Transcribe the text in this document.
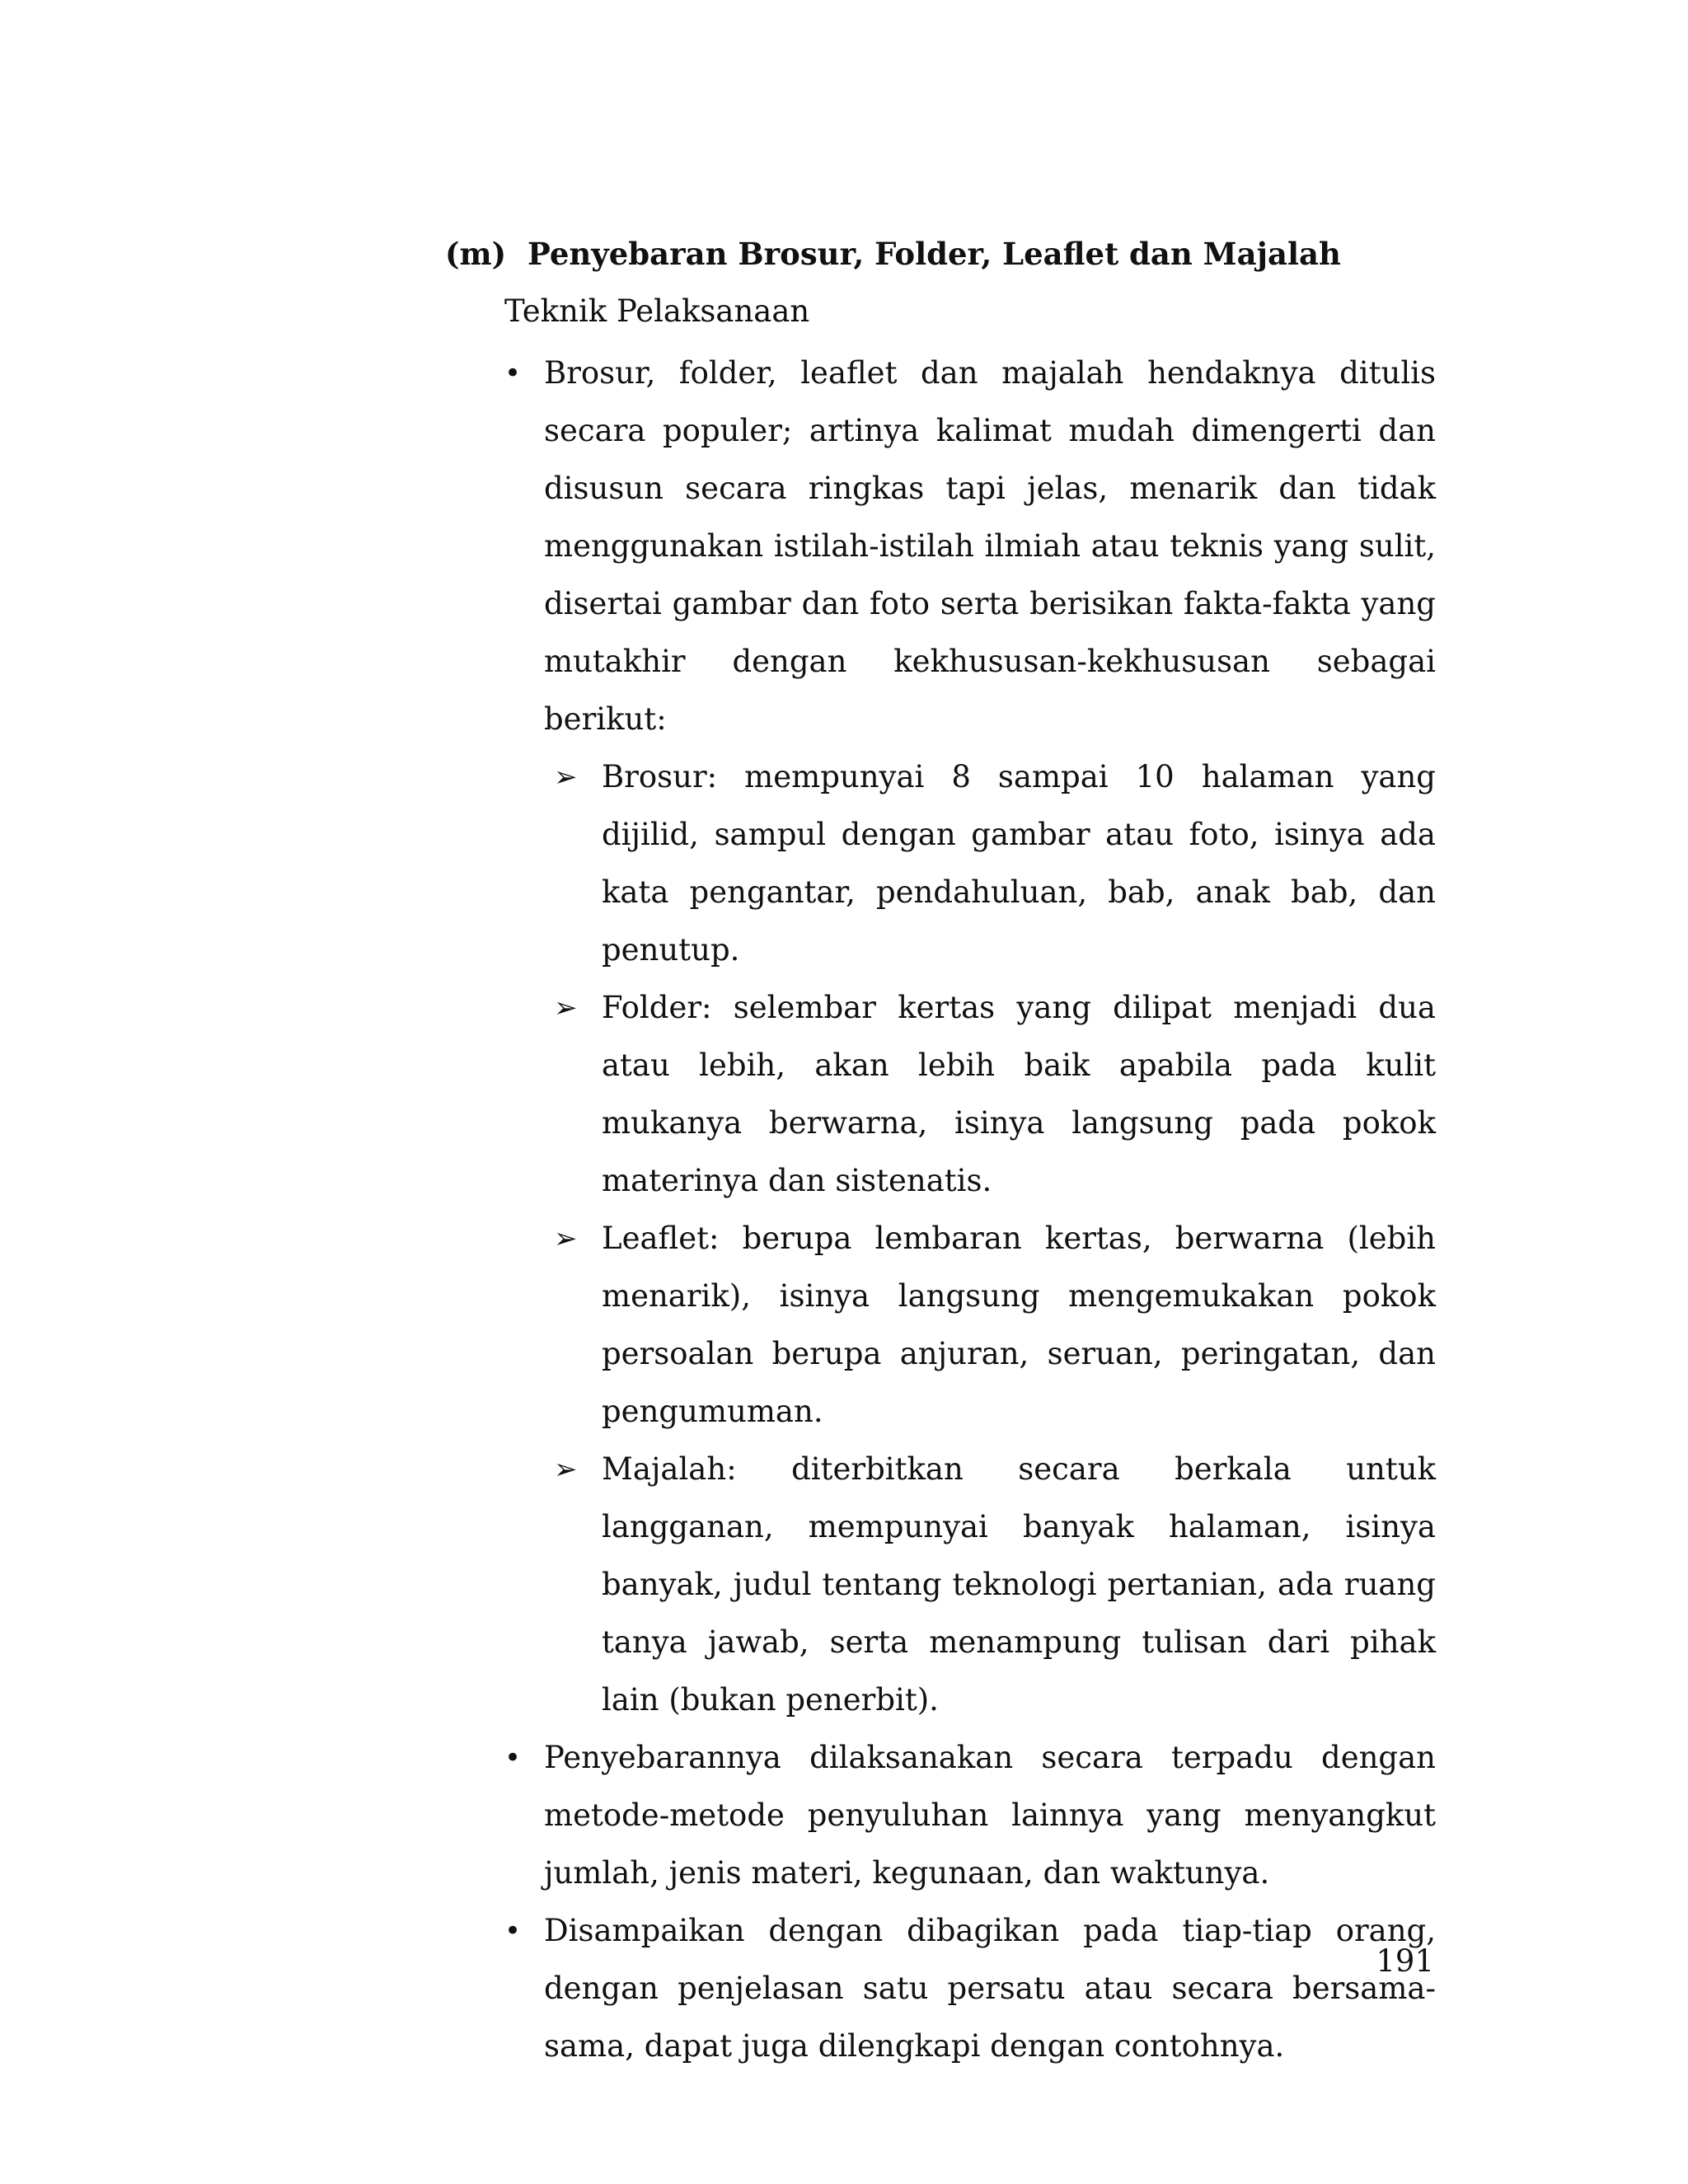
(m) Penyebaran Brosur, Folder, Leaflet dan Majalah
Teknik Pelaksanaan

• Brosur, folder, leaflet dan majalah hendaknya ditulis secara populer; artinya kalimat mudah dimengerti dan disusun secara ringkas tapi jelas, menarik dan tidak menggunakan istilah-istilah ilmiah atau teknis yang sulit, disertai gambar dan foto serta berisikan fakta-fakta yang mutakhir dengan kekhususan-kekhususan sebagai berikut:

➢ Brosur: mempunyai 8 sampai 10 halaman yang dijilid, sampul dengan gambar atau foto, isinya ada kata pengantar, pendahuluan, bab, anak bab, dan penutup.

➢ Folder: selembar kertas yang dilipat menjadi dua atau lebih, akan lebih baik apabila pada kulit mukanya berwarna, isinya langsung pada pokok materinya dan sistenatis.

➢ Leaflet: berupa lembaran kertas, berwarna (lebih menarik), isinya langsung mengemukakan pokok persoalan berupa anjuran, seruan, peringatan, dan pengumuman.

➢ Majalah: diterbitkan secara berkala untuk langganan, mempunyai banyak halaman, isinya banyak, judul tentang teknologi pertanian, ada ruang tanya jawab, serta menampung tulisan dari pihak lain (bukan penerbit).

• Penyebarannya dilaksanakan secara terpadu dengan metode-metode penyuluhan lainnya yang menyangkut jumlah, jenis materi, kegunaan, dan waktunya.

• Disampaikan dengan dibagikan pada tiap-tiap orang, dengan penjelasan satu persatu atau secara bersama-sama, dapat juga dilengkapi dengan contohnya.

191
